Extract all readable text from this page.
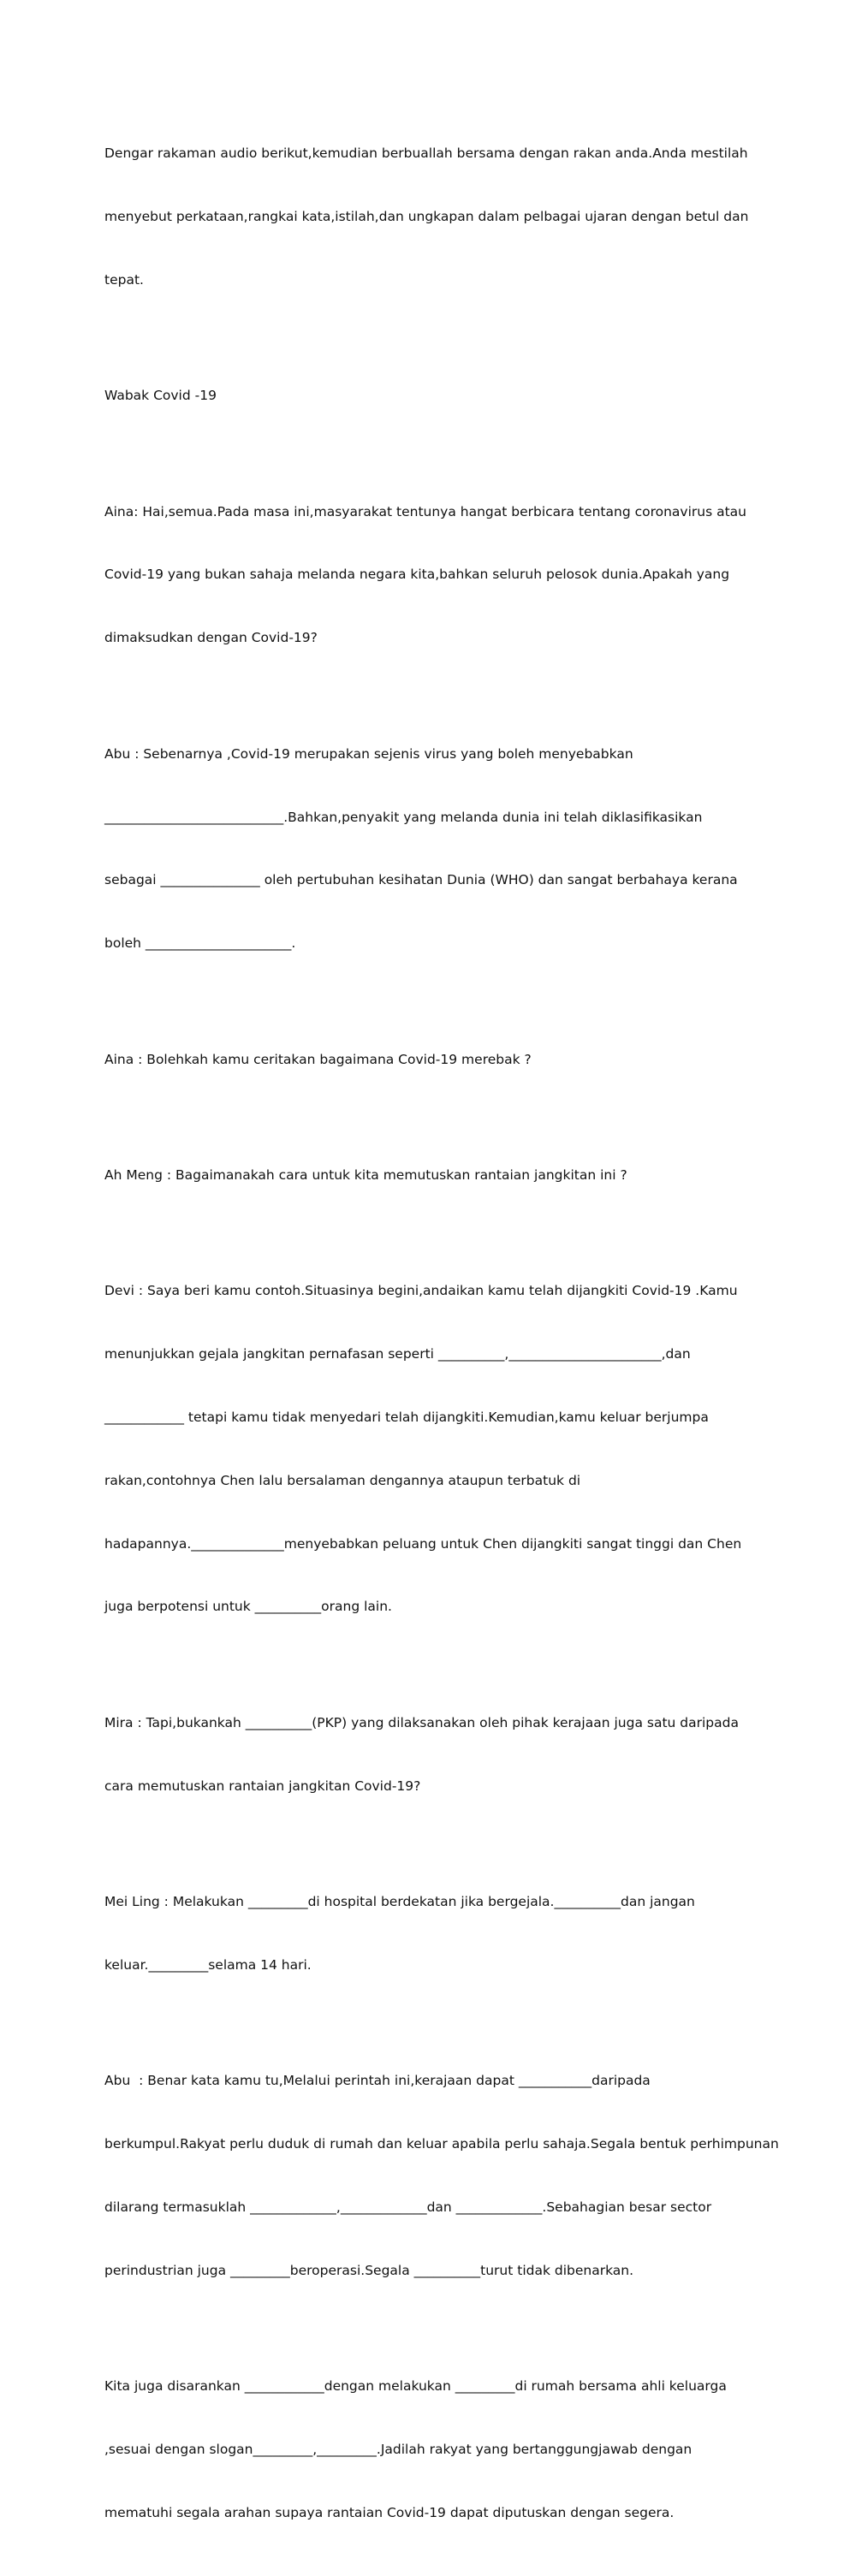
Dengar rakaman audio berikut,kemudian berbuallah bersama dengan rakan anda.Anda mestilah

menyebut perkataan,rangkai kata,istilah,dan ungkapan dalam pelbagai ujaran dengan betul dan

tepat.

Wabak Covid -19

Aina: Hai,semua.Pada masa ini,masyarakat tentunya hangat berbicara tentang coronavirus atau

Covid-19 yang bukan sahaja melanda negara kita,bahkan seluruh pelosok dunia.Apakah yang

dimaksudkan dengan Covid-19?

Abu : Sebenarnya ,Covid-19 merupakan sejenis virus yang boleh menyebabkan

___________________________.Bahkan,penyakit yang melanda dunia ini telah diklasifikasikan

sebagai _______________ oleh pertubuhan kesihatan Dunia (WHO) dan sangat berbahaya kerana

boleh ______________________.

Aina : Bolehkah kamu ceritakan bagaimana Covid-19 merebak ?

Ah Meng : Bagaimanakah cara untuk kita memutuskan rantaian jangkitan ini ?

Devi : Saya beri kamu contoh.Situasinya begini,andaikan kamu telah dijangkiti Covid-19 .Kamu

menunjukkan gejala jangkitan pernafasan seperti __________,_______________________,dan

____________ tetapi kamu tidak menyedari telah dijangkiti.Kemudian,kamu keluar berjumpa

rakan,contohnya Chen lalu bersalaman dengannya ataupun terbatuk di

hadapannya.______________menyebabkan peluang untuk Chen dijangkiti sangat tinggi dan Chen

juga berpotensi untuk __________orang lain.

Mira : Tapi,bukankah __________(PKP) yang dilaksanakan oleh pihak kerajaan juga satu daripada

cara memutuskan rantaian jangkitan Covid-19?

Mei Ling : Melakukan _________di hospital berdekatan jika bergejala.__________dan jangan

keluar._________selama 14 hari.

Abu  : Benar kata kamu tu,Melalui perintah ini,kerajaan dapat ___________daripada

berkumpul.Rakyat perlu duduk di rumah dan keluar apabila perlu sahaja.Segala bentuk perhimpunan

dilarang termasuklah _____________,_____________dan _____________.Sebahagian besar sector

perindustrian juga _________beroperasi.Segala __________turut tidak dibenarkan.

Kita juga disarankan ____________dengan melakukan _________di rumah bersama ahli keluarga

,sesuai dengan slogan_________,_________.Jadilah rakyat yang bertanggungjawab dengan

mematuhi segala arahan supaya rantaian Covid-19 dapat diputuskan dengan segera.
